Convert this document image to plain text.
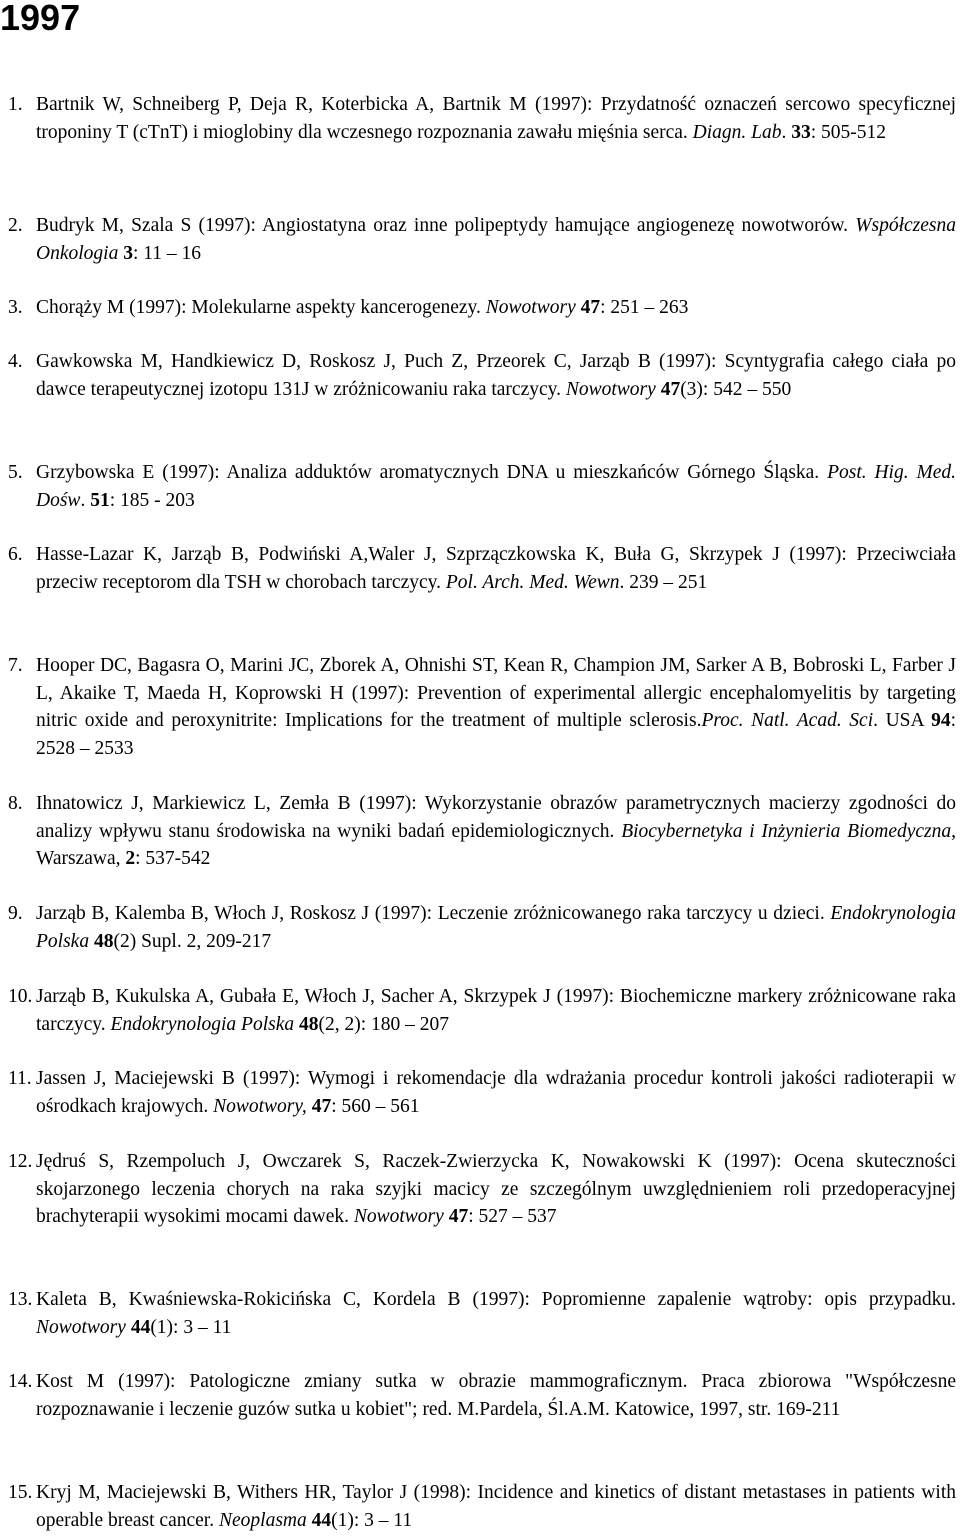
1997
1. Bartnik W, Schneiberg P, Deja R, Koterbicka A, Bartnik M (1997): Przydatność oznaczeń sercowo specyficznej troponiny T (cTnT) i mioglobiny dla wczesnego rozpoznania zawału mięśnia serca. Diagn. Lab. 33: 505-512
2. Budryk M, Szala S (1997): Angiostatyna oraz inne polipeptydy hamujące angiogenezę nowotworów. Współczesna Onkologia 3: 11 – 16
3. Chorąży M (1997): Molekularne aspekty kancerogenezy. Nowotwory 47: 251 – 263
4. Gawkowska M, Handkiewicz D, Roskosz J, Puch Z, Przeorek C, Jarząb B (1997): Scyntygrafia całego ciała po dawce terapeutycznej izotopu 131J w zróżnicowaniu raka tarczycy. Nowotwory 47(3): 542 – 550
5. Grzybowska E (1997): Analiza adduktów aromatycznych DNA u mieszkańców Górnego Śląska. Post. Hig. Med. Dośw. 51: 185 - 203
6. Hasse-Lazar K, Jarząb B, Podwiński A,Waler J, Szprzączkowska K, Buła G, Skrzypek J (1997): Przeciwciała przeciw receptorom dla TSH w chorobach tarczycy. Pol. Arch. Med. Wewn. 239 – 251
7. Hooper DC, Bagasra O, Marini JC, Zborek A, Ohnishi ST, Kean R, Champion JM, Sarker A B, Bobroski L, Farber J L, Akaike T, Maeda H, Koprowski H (1997): Prevention of experimental allergic encephalomyelitis by targeting nitric oxide and peroxynitrite: Implications for the treatment of multiple sclerosis.Proc. Natl. Acad. Sci. USA 94: 2528 – 2533
8. Ihnatowicz J, Markiewicz L, Zemła B (1997): Wykorzystanie obrazów parametrycznych macierzy zgodności do analizy wpływu stanu środowiska na wyniki badań epidemiologicznych. Biocybernetyka i Inżynieria Biomedyczna, Warszawa, 2: 537-542
9. Jarząb B, Kalemba B, Włoch J, Roskosz J (1997): Leczenie zróżnicowanego raka tarczycy u dzieci. Endokrynologia Polska 48(2) Supl. 2, 209-217
10. Jarząb B, Kukulska A, Gubała E, Włoch J, Sacher A, Skrzypek J (1997): Biochemiczne markery zróżnicowane raka tarczycy. Endokrynologia Polska 48(2, 2): 180 – 207
11. Jassen J, Maciejewski B (1997): Wymogi i rekomendacje dla wdrażania procedur kontroli jakości radioterapii w ośrodkach krajowych. Nowotwory, 47: 560 – 561
12. Jędruś S, Rzempoluch J, Owczarek S, Raczek-Zwierzycka K, Nowakowski K (1997): Ocena skuteczności skojarzonego leczenia chorych na raka szyjki macicy ze szczególnym uwzględnieniem roli przedoperacyjnej brachyterapii wysokimi mocami dawek. Nowotwory 47: 527 – 537
13. Kaleta B, Kwaśniewska-Rokicińska C, Kordela B (1997): Popromienne zapalenie wątroby: opis przypadku. Nowotwory 44(1): 3 – 11
14. Kost M (1997): Patologiczne zmiany sutka w obrazie mammograficznym. Praca zbiorowa "Współczesne rozpoznawanie i leczenie guzów sutka u kobiet"; red. M.Pardela, Śl.A.M. Katowice, 1997, str. 169-211
15. Kryj M, Maciejewski B, Withers HR, Taylor J (1998): Incidence and kinetics of distant metastases in patients with operable breast cancer. Neoplasma 44(1): 3 – 11
